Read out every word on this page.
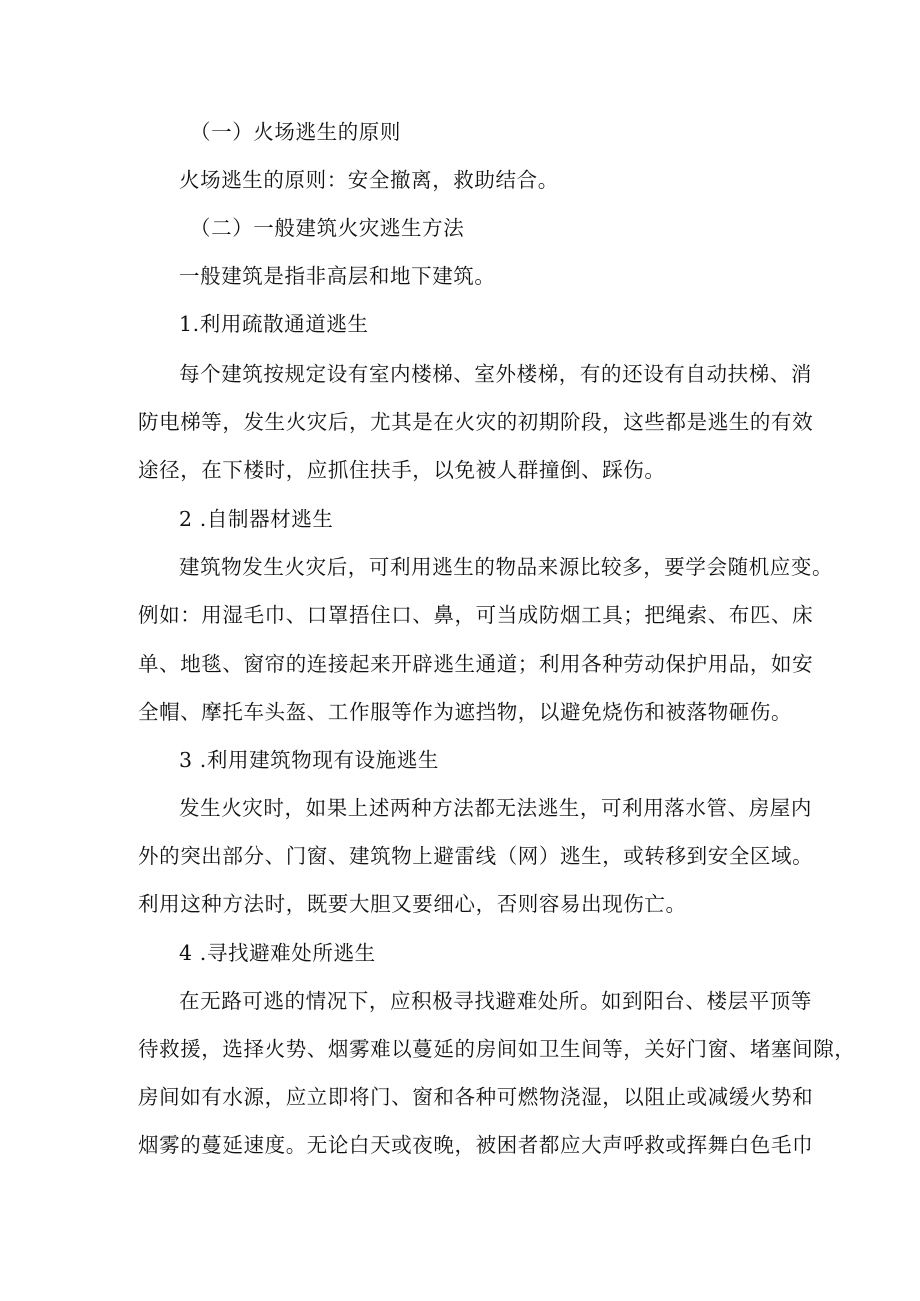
（一）火场逃生的原则

火场逃生的原则：安全撤离，救助结合。

（二）一般建筑火灾逃生方法

一般建筑是指非高层和地下建筑。

1.利用疏散通道逃生

每个建筑按规定设有室内楼梯、室外楼梯，有的还设有自动扶梯、消

防电梯等，发生火灾后，尤其是在火灾的初期阶段，这些都是逃生的有效

途径，在下楼时，应抓住扶手，以免被人群撞倒、踩伤。

2 .自制器材逃生

建筑物发生火灾后，可利用逃生的物品来源比较多，要学会随机应变。

例如：用湿毛巾、口罩捂住口、鼻，可当成防烟工具；把绳索、布匹、床

单、地毯、窗帘的连接起来开辟逃生通道；利用各种劳动保护用品，如安

全帽、摩托车头盔、工作服等作为遮挡物，以避免烧伤和被落物砸伤。

3 .利用建筑物现有设施逃生

发生火灾时，如果上述两种方法都无法逃生，可利用落水管、房屋内

外的突出部分、门窗、建筑物上避雷线（网）逃生，或转移到安全区域。

利用这种方法时，既要大胆又要细心，否则容易出现伤亡。

4 .寻找避难处所逃生

在无路可逃的情况下，应积极寻找避难处所。如到阳台、楼层平顶等

待救援，选择火势、烟雾难以蔓延的房间如卫生间等，关好门窗、堵塞间隙，

房间如有水源，应立即将门、窗和各种可燃物浇湿，以阻止或减缓火势和

烟雾的蔓延速度。无论白天或夜晚，被困者都应大声呼救或挥舞白色毛巾
